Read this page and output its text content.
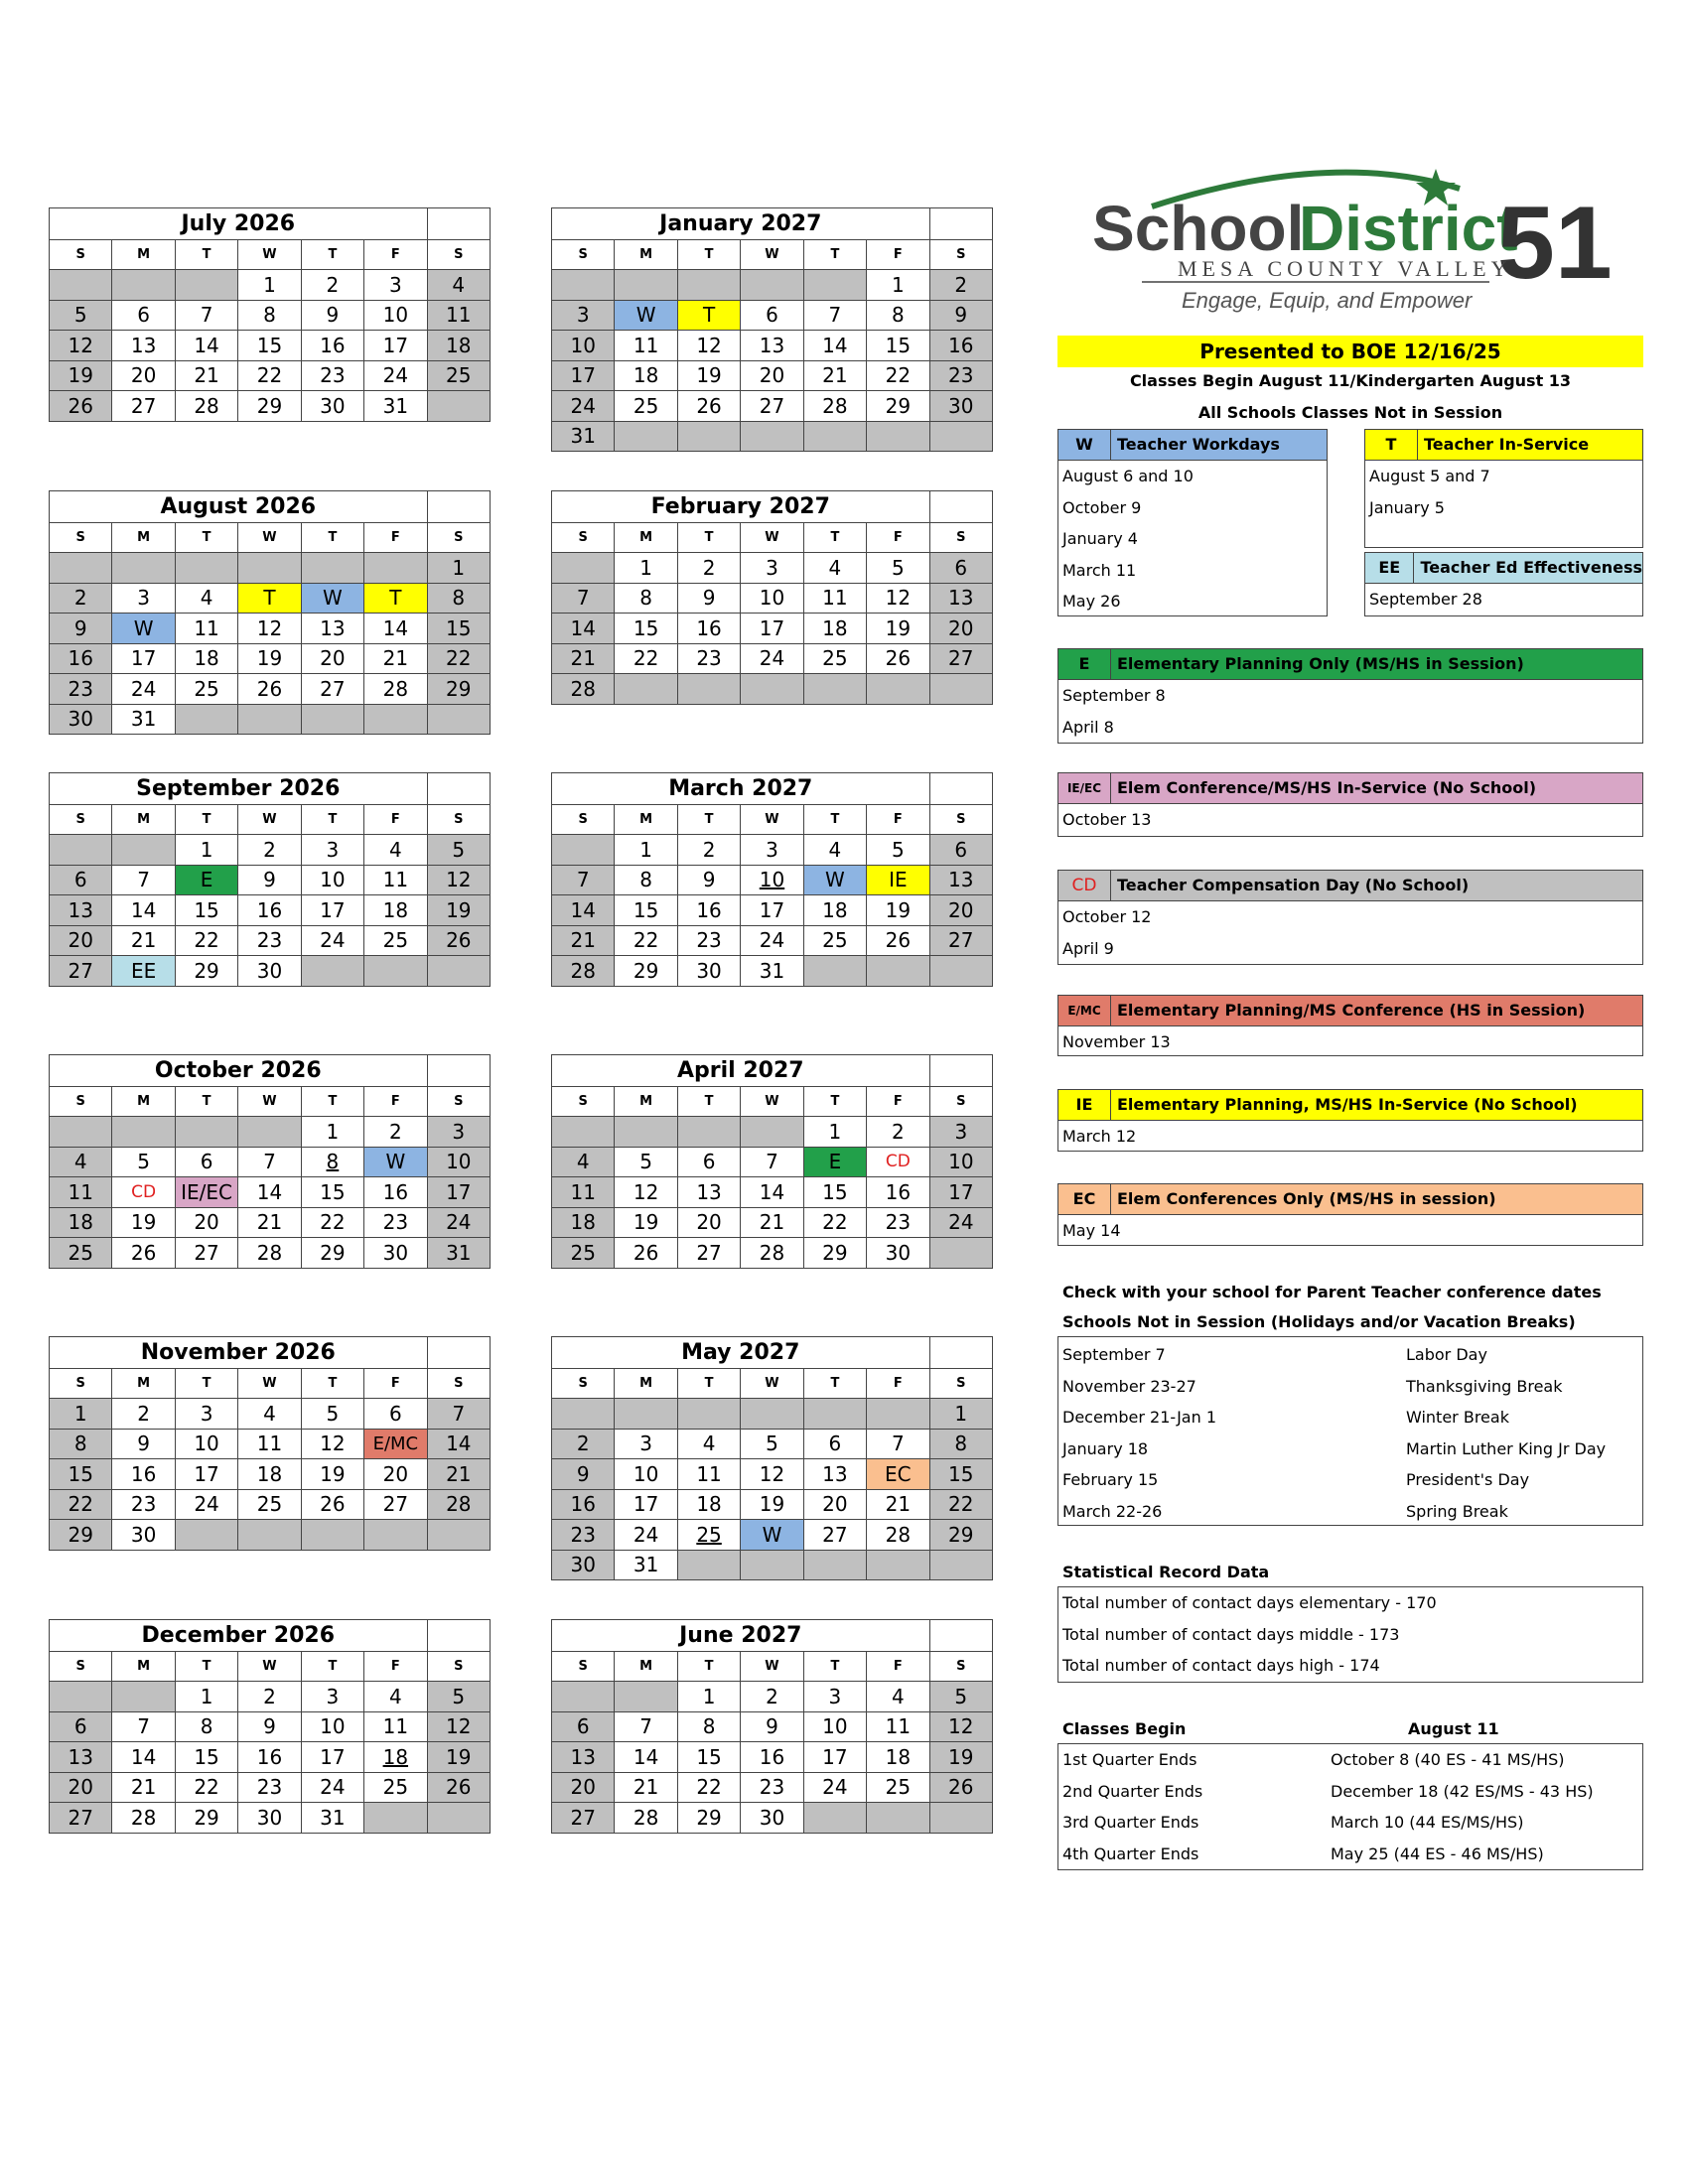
July 2026						
S	M	T	W	T	F	S
			1	2	3	4
5	6	7	8	9	10	11
12	13	14	15	16	17	18
19	20	21	22	23	24	25
26	27	28	29	30	31	
January 2027						
S	M	T	W	T	F	S
					1	2
3	W	T	6	7	8	9
10	11	12	13	14	15	16
17	18	19	20	21	22	23
24	25	26	27	28	29	30
31						
August 2026						
S	M	T	W	T	F	S
						1
2	3	4	T	W	T	8
9	W	11	12	13	14	15
16	17	18	19	20	21	22
23	24	25	26	27	28	29
30	31					
February 2027						
S	M	T	W	T	F	S
	1	2	3	4	5	6
7	8	9	10	11	12	13
14	15	16	17	18	19	20
21	22	23	24	25	26	27
28						
September 2026						
S	M	T	W	T	F	S
		1	2	3	4	5
6	7	E	9	10	11	12
13	14	15	16	17	18	19
20	21	22	23	24	25	26
27	EE	29	30			
March 2027						
S	M	T	W	T	F	S
	1	2	3	4	5	6
7	8	9	10	W	IE	13
14	15	16	17	18	19	20
21	22	23	24	25	26	27
28	29	30	31			
October 2026						
S	M	T	W	T	F	S
				1	2	3
4	5	6	7	8	W	10
11	CD	IE/EC	14	15	16	17
18	19	20	21	22	23	24
25	26	27	28	29	30	31
April 2027						
S	M	T	W	T	F	S
				1	2	3
4	5	6	7	E	CD	10
11	12	13	14	15	16	17
18	19	20	21	22	23	24
25	26	27	28	29	30	
November 2026						
S	M	T	W	T	F	S
1	2	3	4	5	6	7
8	9	10	11	12	E/MC	14
15	16	17	18	19	20	21
22	23	24	25	26	27	28
29	30					
May 2027						
S	M	T	W	T	F	S
						1
2	3	4	5	6	7	8
9	10	11	12	13	EC	15
16	17	18	19	20	21	22
23	24	25	W	27	28	29
30	31					
December 2026						
S	M	T	W	T	F	S
		1	2	3	4	5
6	7	8	9	10	11	12
13	14	15	16	17	18	19
20	21	22	23	24	25	26
27	28	29	30	31		
June 2027						
S	M	T	W	T	F	S
		1	2	3	4	5
6	7	8	9	10	11	12
13	14	15	16	17	18	19
20	21	22	23	24	25	26
27	28	29	30			
School
District
51
MESA COUNTY VALLEY
Engage, Equip, and Empower
Presented to BOE 12/16/25
Classes Begin August 11/Kindergarten August 13
All Schools Classes Not in Session
W	Teacher Workdays
August 6 and 10
October 9
January 4
March 11
May 26
T	Teacher In-Service
August 5 and 7
January 5
EE	Teacher Ed Effectiveness
September 28
E	Elementary Planning Only (MS/HS in Session)
September 8
April 8
IE/EC Elem Conference/MS/HS In-Service (No School)
October 13
CD	Teacher Compensation Day (No School)
October 12
April 9
E/MC	Elementary Planning/MS Conference (HS in Session)
November 13
IE	Elementary Planning, MS/HS In-Service (No School)
March 12
EC	Elem Conferences Only (MS/HS in session)
May 14
Check with your school for Parent Teacher conference dates
Schools Not in Session (Holidays and/or Vacation Breaks)
September 7	Labor Day
November 23-27	Thanksgiving Break
December 21-Jan 1	Winter Break
January 18	Martin Luther King Jr Day
February 15	President's Day
March 22-26	Spring Break
Statistical Record Data
Total number of contact days elementary - 170
Total number of contact days middle - 173
Total number of contact days high - 174
Classes Begin	August 11
1st Quarter Ends	October 8 (40 ES - 41 MS/HS)
2nd Quarter Ends	December 18 (42 ES/MS - 43 HS)
3rd Quarter Ends	March 10 (44 ES/MS/HS)
4th Quarter Ends	May 25 (44 ES - 46 MS/HS)
